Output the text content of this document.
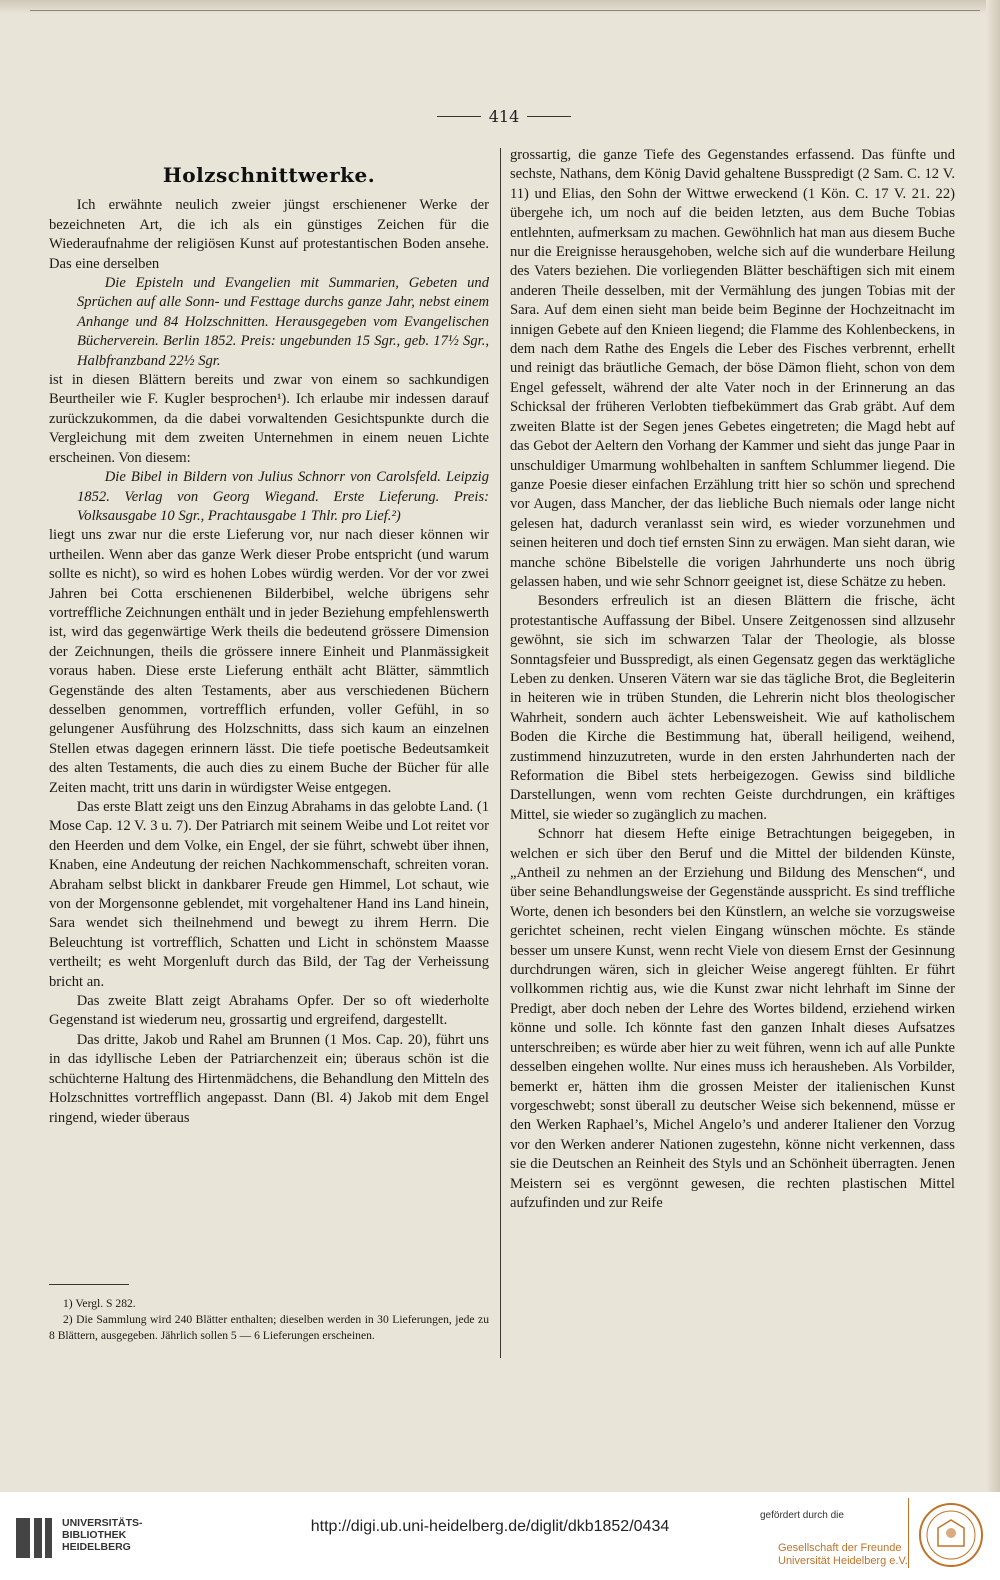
414
Holzschnittwerke.

Ich erwähnte neulich zweier jüngst erschienener Werke der bezeichneten Art, die ich als ein günstiges Zeichen für die Wiederaufnahme der religiösen Kunst auf protestantischen Boden ansehe. Das eine derselben

Die Episteln und Evangelien mit Summarien, Gebeten und Sprüchen auf alle Sonn- und Festtage durchs ganze Jahr, nebst einem Anhange und 84 Holzschnitten. Herausgegeben vom Evangelischen Bücherverein. Berlin 1852. Preis: ungebunden 15 Sgr., geb. 17½ Sgr., Halbfranzband 22½ Sgr.

ist in diesen Blättern bereits und zwar von einem so sachkundigen Beurtheiler wie F. Kugler besprochen¹). Ich erlaube mir indessen darauf zurückzukommen, da die dabei vorwaltenden Gesichtspunkte durch die Vergleichung mit dem zweiten Unternehmen in einem neuen Lichte erscheinen. Von diesem:

Die Bibel in Bildern von Julius Schnorr von Carolsfeld. Leipzig 1852. Verlag von Georg Wiegand. Erste Lieferung. Preis: Volksausgabe 10 Sgr., Prachtausgabe 1 Thlr. pro Lief.²)

liegt uns zwar nur die erste Lieferung vor, nur nach dieser können wir urtheilen. Wenn aber das ganze Werk dieser Probe entspricht (und warum sollte es nicht), so wird es hohen Lobes würdig werden. Vor der vor zwei Jahren bei Cotta erschienenen Bilderbibel, welche übrigens sehr vortreffliche Zeichnungen enthält und in jeder Beziehung empfehlenswerth ist, wird das gegenwärtige Werk theils die bedeutend grössere Dimension der Zeichnungen, theils die grössere innere Einheit und Planmässigkeit voraus haben. Diese erste Lieferung enthält acht Blätter, sämmtlich Gegenstände des alten Testaments, aber aus verschiedenen Büchern desselben genommen, vortrefflich erfunden, voller Gefühl, in so gelungener Ausführung des Holzschnitts, dass sich kaum an einzelnen Stellen etwas dagegen erinnern lässt. Die tiefe poetische Bedeutsamkeit des alten Testaments, die auch dies zu einem Buche der Bücher für alle Zeiten macht, tritt uns darin in würdigster Weise entgegen.

Das erste Blatt zeigt uns den Einzug Abrahams in das gelobte Land. (1 Mose Cap. 12 V. 3 u. 7). Der Patriarch mit seinem Weibe und Lot reitet vor den Heerden und dem Volke, ein Engel, der sie führt, schwebt über ihnen, Knaben, eine Andeutung der reichen Nachkommenschaft, schreiten voran. Abraham selbst blickt in dankbarer Freude gen Himmel, Lot schaut, wie von der Morgensonne geblendet, mit vorgehaltener Hand ins Land hinein, Sara wendet sich theilnehmend und bewegt zu ihrem Herrn. Die Beleuchtung ist vortrefflich, Schatten und Licht in schönstem Maasse vertheilt; es weht Morgenluft durch das Bild, der Tag der Verheissung bricht an.

Das zweite Blatt zeigt Abrahams Opfer. Der so oft wiederholte Gegenstand ist wiederum neu, grossartig und ergreifend, dargestellt.

Das dritte, Jakob und Rahel am Brunnen (1 Mos. Cap. 20), führt uns in das idyllische Leben der Patriarchenzeit ein; überaus schön ist die schüchterne Haltung des Hirtenmädchens, die Behandlung den Mitteln des Holzschnittes vortrefflich angepasst. Dann (Bl. 4) Jakob mit dem Engel ringend, wieder überaus

1) Vergl. S 282.
2) Die Sammlung wird 240 Blätter enthalten; dieselben werden in 30 Lieferungen, jede zu 8 Blättern, ausgegeben. Jährlich sollen 5 — 6 Lieferungen erscheinen.

grossartig, die ganze Tiefe des Gegenstandes erfassend. Das fünfte und sechste, Nathans, dem König David gehaltene Busspredigt (2 Sam. C. 12 V. 11) und Elias, den Sohn der Wittwe erweckend (1 Kön. C. 17 V. 21. 22) übergehe ich, um noch auf die beiden letzten, aus dem Buche Tobias entlehnten, aufmerksam zu machen. Gewöhnlich hat man aus diesem Buche nur die Ereignisse herausgehoben, welche sich auf die wunderbare Heilung des Vaters beziehen. Die vorliegenden Blätter beschäftigen sich mit einem anderen Theile desselben, mit der Vermählung des jungen Tobias mit der Sara. Auf dem einen sieht man beide beim Beginne der Hochzeitnacht im innigen Gebete auf den Knieen liegend; die Flamme des Kohlenbeckens, in dem nach dem Rathe des Engels die Leber des Fisches verbrennt, erhellt und reinigt das bräutliche Gemach, der böse Dämon flieht, schon von dem Engel gefesselt, während der alte Vater noch in der Erinnerung an das Schicksal der früheren Verlobten tiefbekümmert das Grab gräbt. Auf dem zweiten Blatte ist der Segen jenes Gebetes eingetreten; die Magd hebt auf das Gebot der Aeltern den Vorhang der Kammer und sieht das junge Paar in unschuldiger Umarmung wohlbehalten in sanftem Schlummer liegend. Die ganze Poesie dieser einfachen Erzählung tritt hier so schön und sprechend vor Augen, dass Mancher, der das liebliche Buch niemals oder lange nicht gelesen hat, dadurch veranlasst sein wird, es wieder vorzunehmen und seinen heiteren und doch tief ernsten Sinn zu erwägen. Man sieht daran, wie manche schöne Bibelstelle die vorigen Jahrhunderte uns noch übrig gelassen haben, und wie sehr Schnorr geeignet ist, diese Schätze zu heben.

Besonders erfreulich ist an diesen Blättern die frische, ächt protestantische Auffassung der Bibel. Unsere Zeitgenossen sind allzusehr gewöhnt, sie sich im schwarzen Talar der Theologie, als blosse Sonntagsfeier und Busspredigt, als einen Gegensatz gegen das werktägliche Leben zu denken. Unseren Vätern war sie das tägliche Brot, die Begleiterin in heiteren wie in trüben Stunden, die Lehrerin nicht blos theologischer Wahrheit, sondern auch ächter Lebensweisheit. Wie auf katholischem Boden die Kirche die Bestimmung hat, überall heiligend, weihend, zustimmend hinzuzutreten, wurde in den ersten Jahrhunderten nach der Reformation die Bibel stets herbeigezogen. Gewiss sind bildliche Darstellungen, wenn vom rechten Geiste durchdrungen, ein kräftiges Mittel, sie wieder so zugänglich zu machen.

Schnorr hat diesem Hefte einige Betrachtungen beigegeben, in welchen er sich über den Beruf und die Mittel der bildenden Künste, „Antheil zu nehmen an der Erziehung und Bildung des Menschen“, und über seine Behandlungsweise der Gegenstände ausspricht. Es sind treffliche Worte, denen ich besonders bei den Künstlern, an welche sie vorzugsweise gerichtet scheinen, recht vielen Eingang wünschen möchte. Es stände besser um unsere Kunst, wenn recht Viele von diesem Ernst der Gesinnung durchdrungen wären, sich in gleicher Weise angeregt fühlten. Er führt vollkommen richtig aus, wie die Kunst zwar nicht lehrhaft im Sinne der Predigt, aber doch neben der Lehre des Wortes bildend, erziehend wirken könne und solle. Ich könnte fast den ganzen Inhalt dieses Aufsatzes unterschreiben; es würde aber hier zu weit führen, wenn ich auf alle Punkte desselben eingehen wollte. Nur eines muss ich herausheben. Als Vorbilder, bemerkt er, hätten ihm die grossen Meister der italienischen Kunst vorgeschwebt; sonst überall zu deutscher Weise sich bekennend, müsse er den Werken Raphael’s, Michel Angelo’s und anderer Italiener den Vorzug vor den Werken anderer Nationen zugestehn, könne nicht verkennen, dass sie die Deutschen an Reinheit des Styls und an Schönheit überragten. Jenen Meistern sei es vergönnt gewesen, die rechten plastischen Mittel aufzufinden und zur Reife

UNIVERSITÄTS-
BIBLIOTHEK
HEIDELBERG
http://digi.ub.uni-heidelberg.de/diglit/dkb1852/0434
gefördert durch die
Gesellschaft der Freunde
Universität Heidelberg e.V.
